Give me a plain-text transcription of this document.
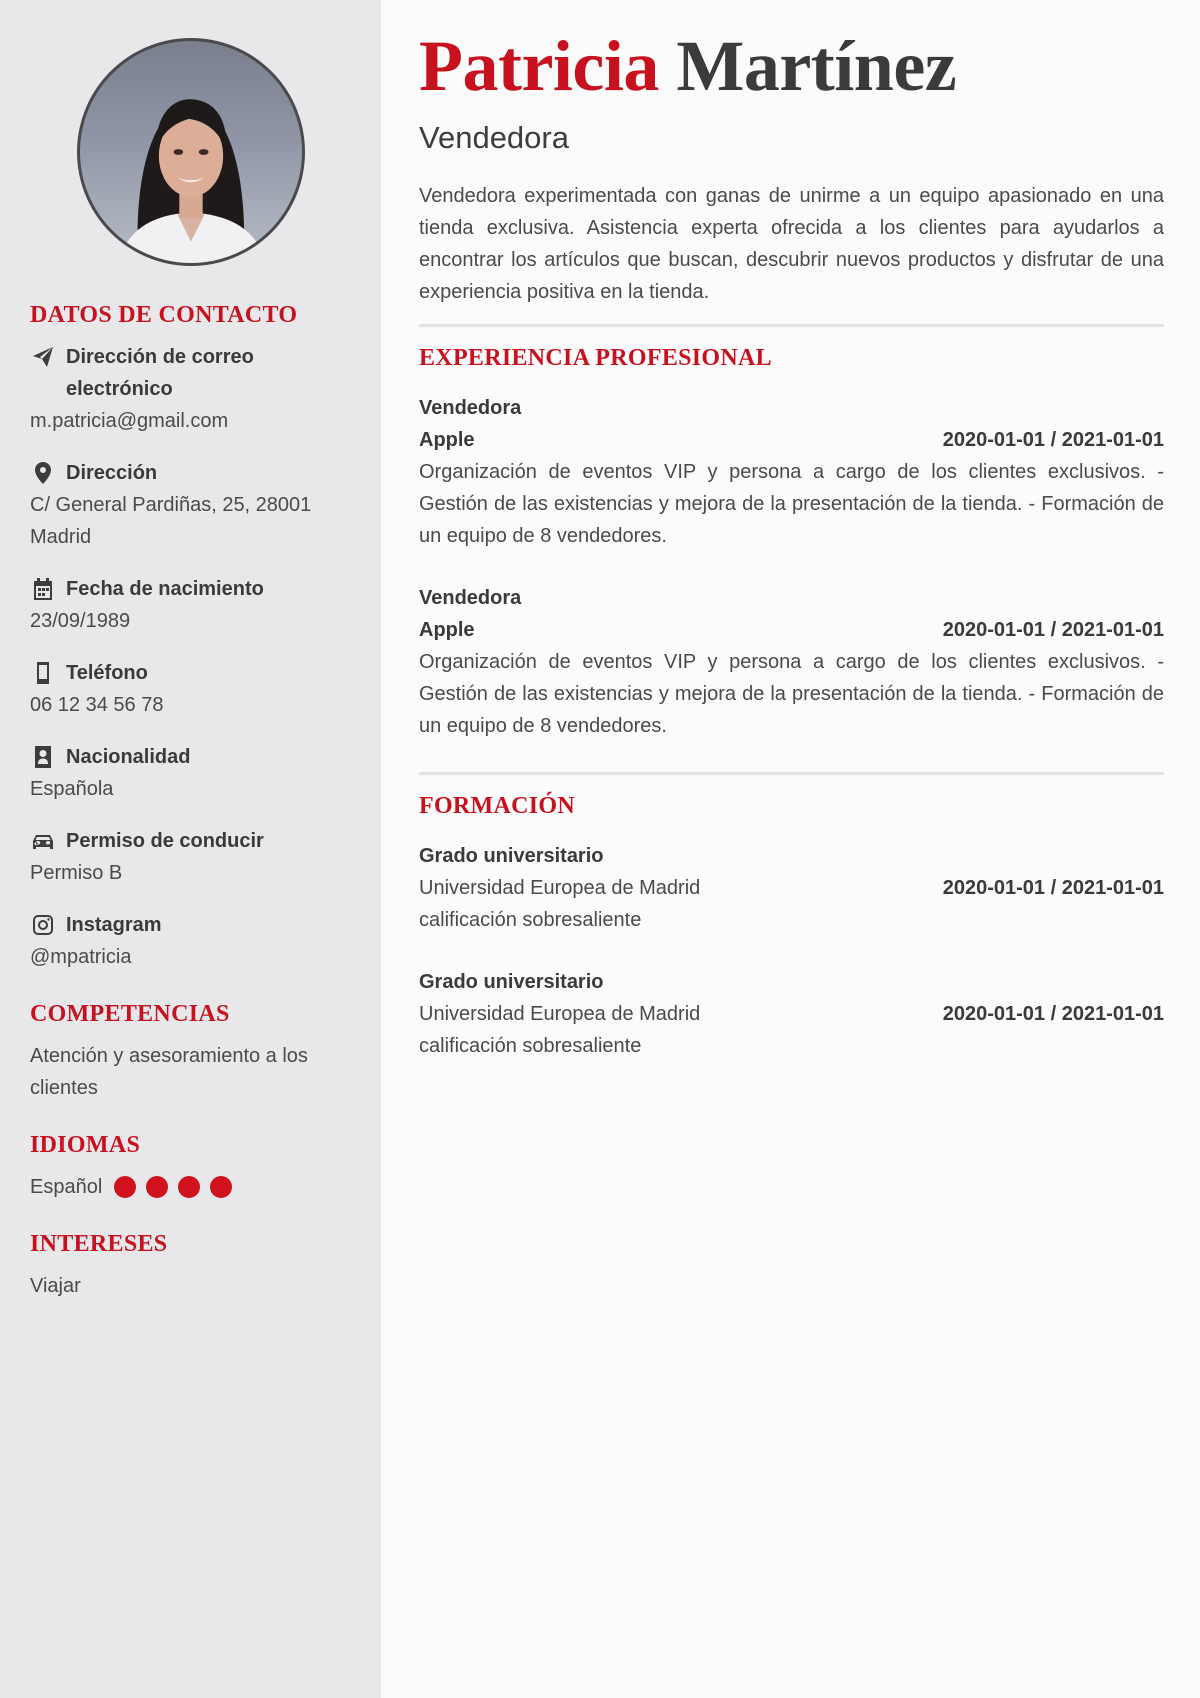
DATOS DE CONTACTO
Dirección de correo electrónico
m.patricia@gmail.com
Dirección
C/ General Pardiñas, 25, 28001 Madrid
Fecha de nacimiento
23/09/1989
Teléfono
06 12 34 56 78
Nacionalidad
Española
Permiso de conducir
Permiso B
Instagram
@mpatricia
COMPETENCIAS
Atención y asesoramiento a los clientes
IDIOMAS
Español
INTERESES
Viajar
Patricia Martínez
Vendedora

Vendedora experimentada con ganas de unirme a un equipo apasionado en una tienda exclusiva. Asistencia experta ofrecida a los clientes para ayudarlos a encontrar los artículos que buscan, descubrir nuevos productos y disfrutar de una experiencia positiva en la tienda.

EXPERIENCIA PROFESIONAL
Vendedora
Apple	2020-01-01 / 2021-01-01

Organización de eventos VIP y persona a cargo de los clientes exclusivos. - Gestión de las existencias y mejora de la presentación de la tienda. - Formación de un equipo de 8 vendedores.

Vendedora
Apple	2020-01-01 / 2021-01-01

Organización de eventos VIP y persona a cargo de los clientes exclusivos. - Gestión de las existencias y mejora de la presentación de la tienda. - Formación de un equipo de 8 vendedores.

FORMACIÓN
Grado universitario
Universidad Europea de Madrid	2020-01-01 / 2021-01-01
calificación sobresaliente
Grado universitario
Universidad Europea de Madrid	2020-01-01 / 2021-01-01
calificación sobresaliente
